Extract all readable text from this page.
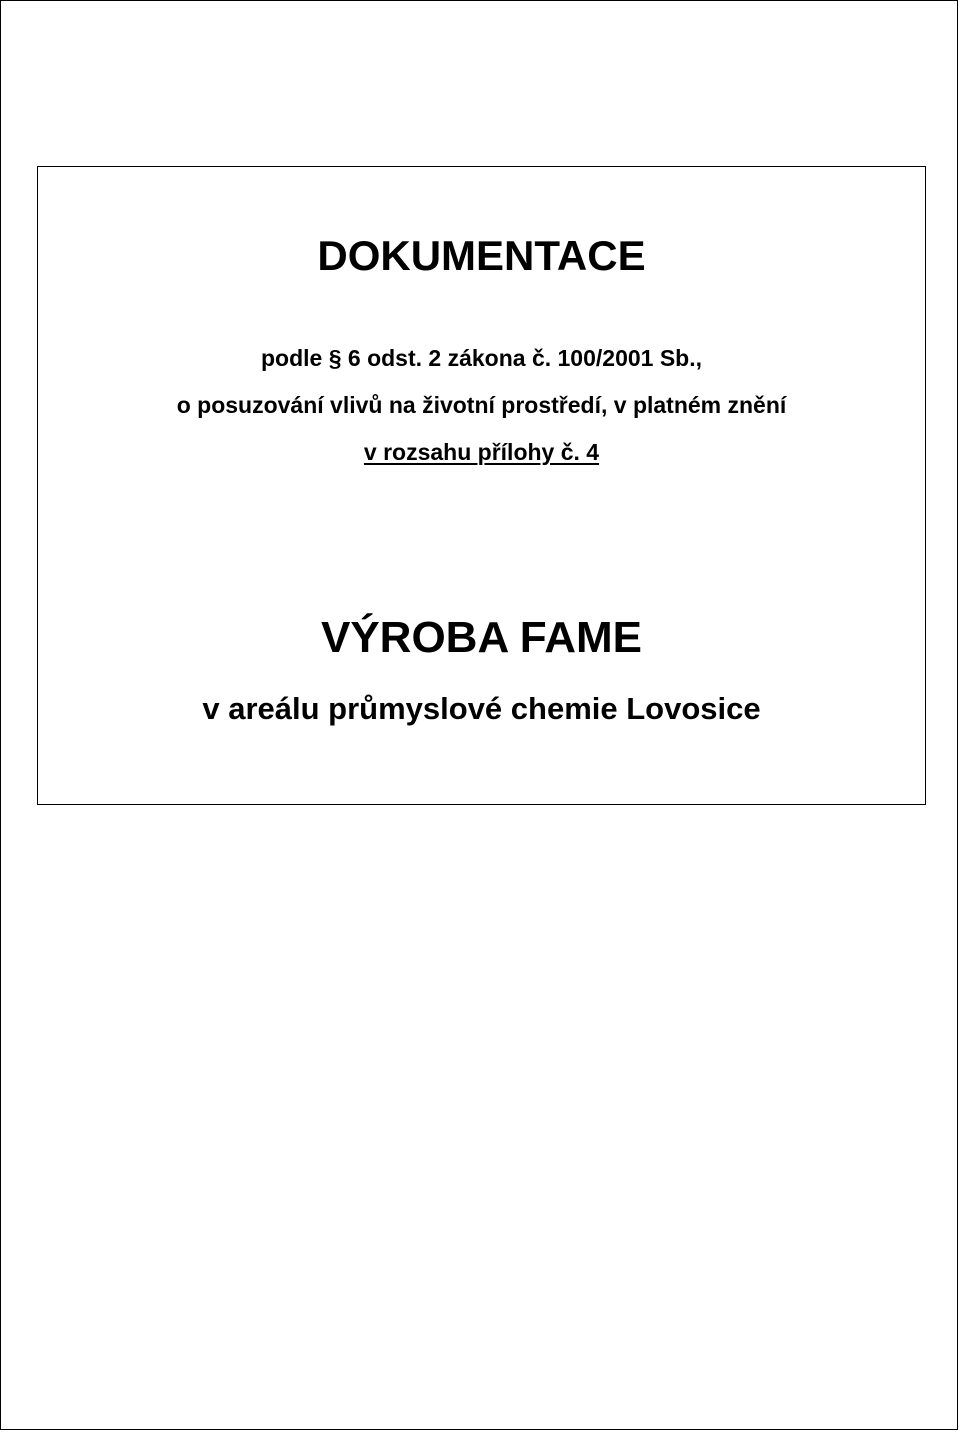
DOKUMENTACE
podle § 6 odst. 2 zákona č. 100/2001 Sb.,
o posuzování vlivů na životní prostředí, v platném znění
v rozsahu přílohy č. 4
VÝROBA FAME
v areálu průmyslové chemie Lovosice
